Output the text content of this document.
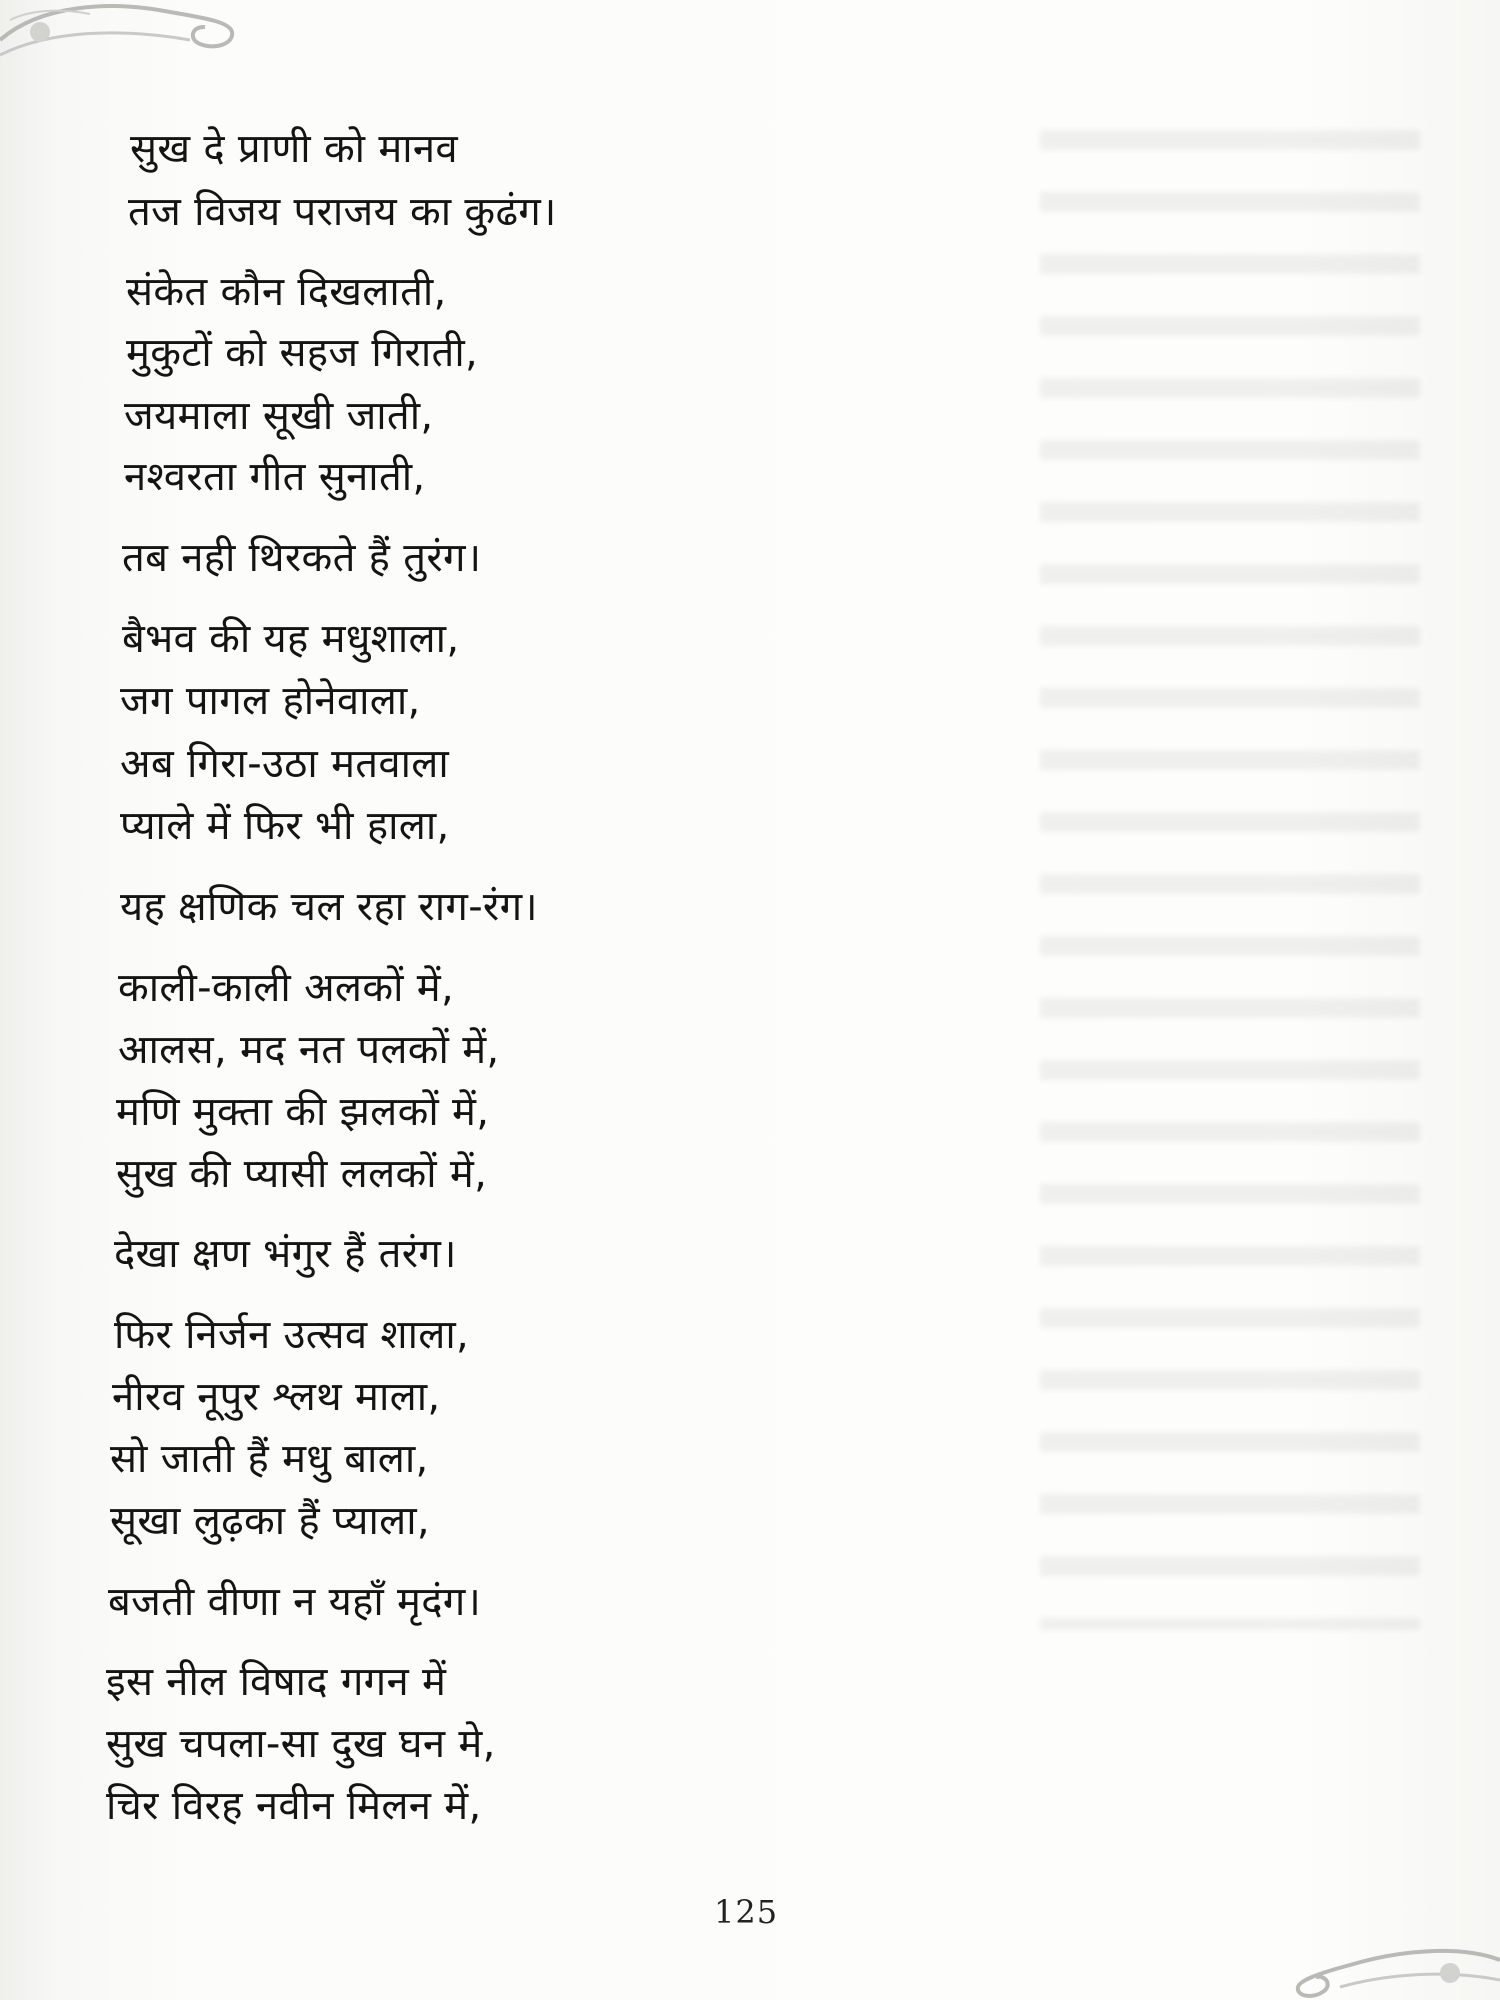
सुख दे प्राणी को मानव
तज विजय पराजय का कुढंग।
संकेत कौन दिखलाती,
मुकुटों को सहज गिराती,
जयमाला सूखी जाती,
नश्वरता गीत सुनाती,
तब नही थिरकते हैं तुरंग।
बैभव की यह मधुशाला,
जग पागल होनेवाला,
अब गिरा-उठा मतवाला
प्याले में फिर भी हाला,
यह क्षणिक चल रहा राग-रंग।
काली-काली अलकों में,
आलस, मद नत पलकों में,
मणि मुक्ता की झलकों में,
सुख की प्यासी ललकों में,
देखा क्षण भंगुर हैं तरंग।
फिर निर्जन उत्सव शाला,
नीरव नूपुर श्लथ माला,
सो जाती हैं मधु बाला,
सूखा लुढ़का हैं प्याला,
बजती वीणा न यहाँ मृदंग।
इस नील विषाद गगन में
सुख चपला-सा दुख घन मे,
चिर विरह नवीन मिलन में,
125
